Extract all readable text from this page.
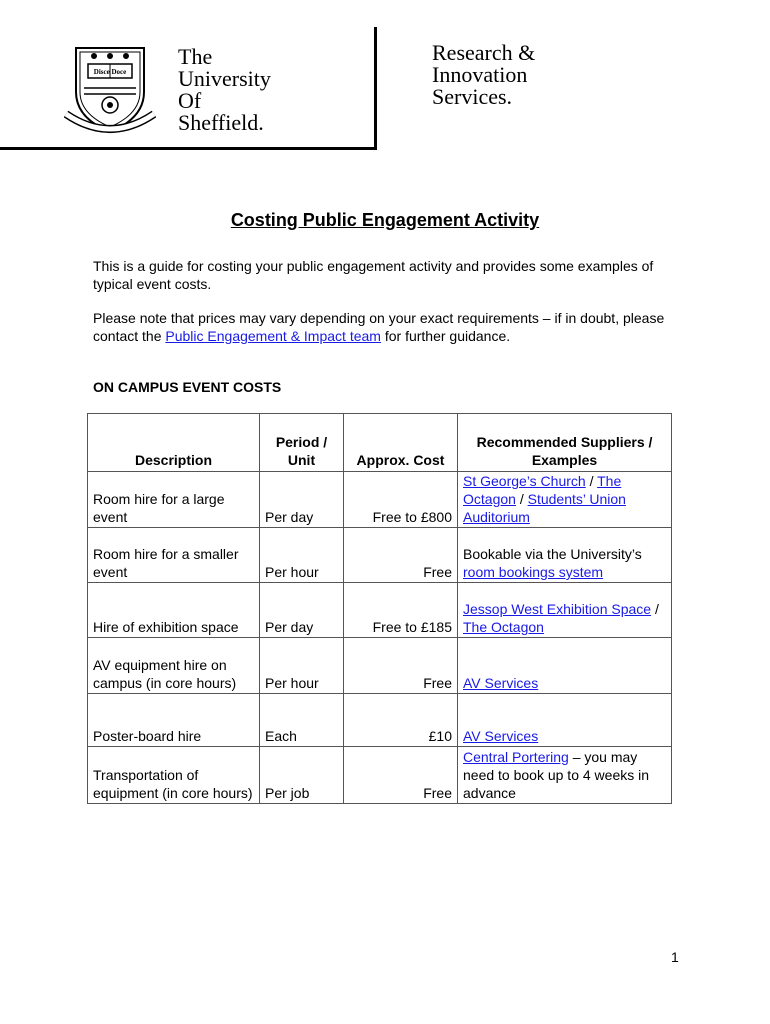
Disce Doce
The
University
Of
Sheffield.
Research &
Innovation
Services.
Costing Public Engagement Activity
This is a guide for costing your public engagement activity and provides some examples of typical event costs.
Please note that prices may vary depending on your exact requirements – if in doubt, please contact the Public Engagement & Impact team for further guidance.
ON CAMPUS EVENT COSTS
Description	Period / Unit	Approx. Cost	Recommended Suppliers / Examples
Room hire for a large event	Per day	Free to £800	St George’s Church / The Octagon / Students’ Union Auditorium
Room hire for a smaller event	Per hour	Free	Bookable via the University’s room bookings system
Hire of exhibition space	Per day	Free to £185	Jessop West Exhibition Space / The Octagon
AV equipment hire on campus (in core hours)	Per hour	Free	AV Services
Poster-board hire	Each	£10	AV Services
Transportation of equipment (in core hours)	Per job	Free	Central Portering – you may need to book up to 4 weeks in advance
1
